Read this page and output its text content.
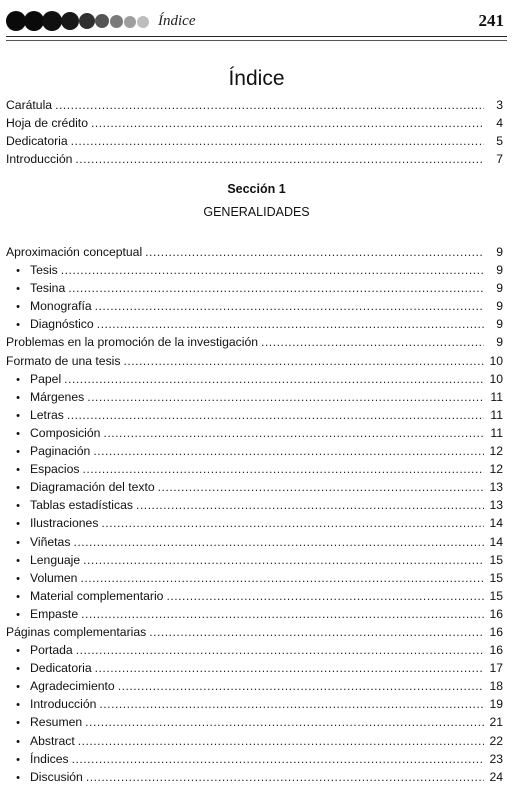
Índice	241
Índice
Carátula .....	3
Hoja de crédito .....	4
Dedicatoria .....	5
Introducción .....	7
Sección 1
GENERALIDADES
Aproximación conceptual .....	9
• Tesis .....	9
• Tesina .....	9
• Monografía .....	9
• Diagnóstico .....	9
Problemas en la promoción de la investigación .....	9
Formato de una tesis .....	10
• Papel .....	10
• Márgenes .....	11
• Letras .....	11
• Composición .....	11
• Paginación .....	12
• Espacios .....	12
• Diagramación del texto .....	13
• Tablas estadísticas .....	13
• Ilustraciones .....	14
• Viñetas .....	14
• Lenguaje .....	15
• Volumen .....	15
• Material complementario .....	15
• Empaste .....	16
Páginas complementarias .....	16
• Portada .....	16
• Dedicatoria .....	17
• Agradecimiento .....	18
• Introducción .....	19
• Resumen .....	21
• Abstract .....	22
• Índices .....	23
• Discusión .....	24
